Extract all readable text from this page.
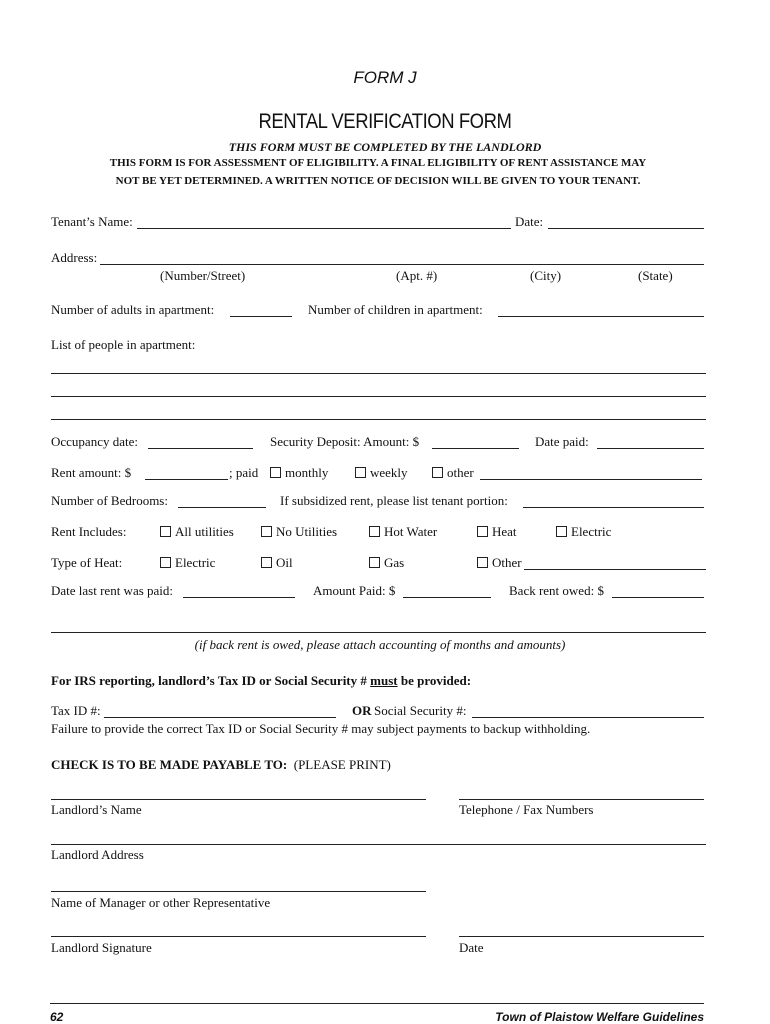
FORM J
RENTAL VERIFICATION FORM
THIS FORM MUST BE COMPLETED BY THE LANDLORD
THIS FORM IS FOR ASSESSMENT OF ELIGIBILITY. A FINAL ELIGIBILITY OF RENT ASSISTANCE MAY
NOT BE YET DETERMINED. A WRITTEN NOTICE OF DECISION WILL BE GIVEN TO YOUR TENANT.
Tenant’s Name:	Date:
Address:
(Number/Street)	(Apt. #)	(City)	(State)
Number of adults in apartment:	Number of children in apartment:
List of people in apartment:
Occupancy date:	Security Deposit: Amount: $	Date paid:
Rent amount: $	; paid	monthly	weekly	other
Number of Bedrooms:	If subsidized rent, please list tenant portion:
Rent Includes:	All utilities	No Utilities	Hot Water	Heat	Electric
Type of Heat:	Electric	Oil	Gas	Other
Date last rent was paid:	Amount Paid: $	Back rent owed: $
(if back rent is owed, please attach accounting of months and amounts)
For IRS reporting, landlord’s Tax ID or Social Security # must be provided:
Tax ID #:	OR Social Security #:
Failure to provide the correct Tax ID or Social Security # may subject payments to backup withholding.
CHECK IS TO BE MADE PAYABLE TO: (PLEASE PRINT)
Landlord’s Name	Telephone / Fax Numbers
Landlord Address
Name of Manager or other Representative
Landlord Signature	Date
62	Town of Plaistow Welfare Guidelines
